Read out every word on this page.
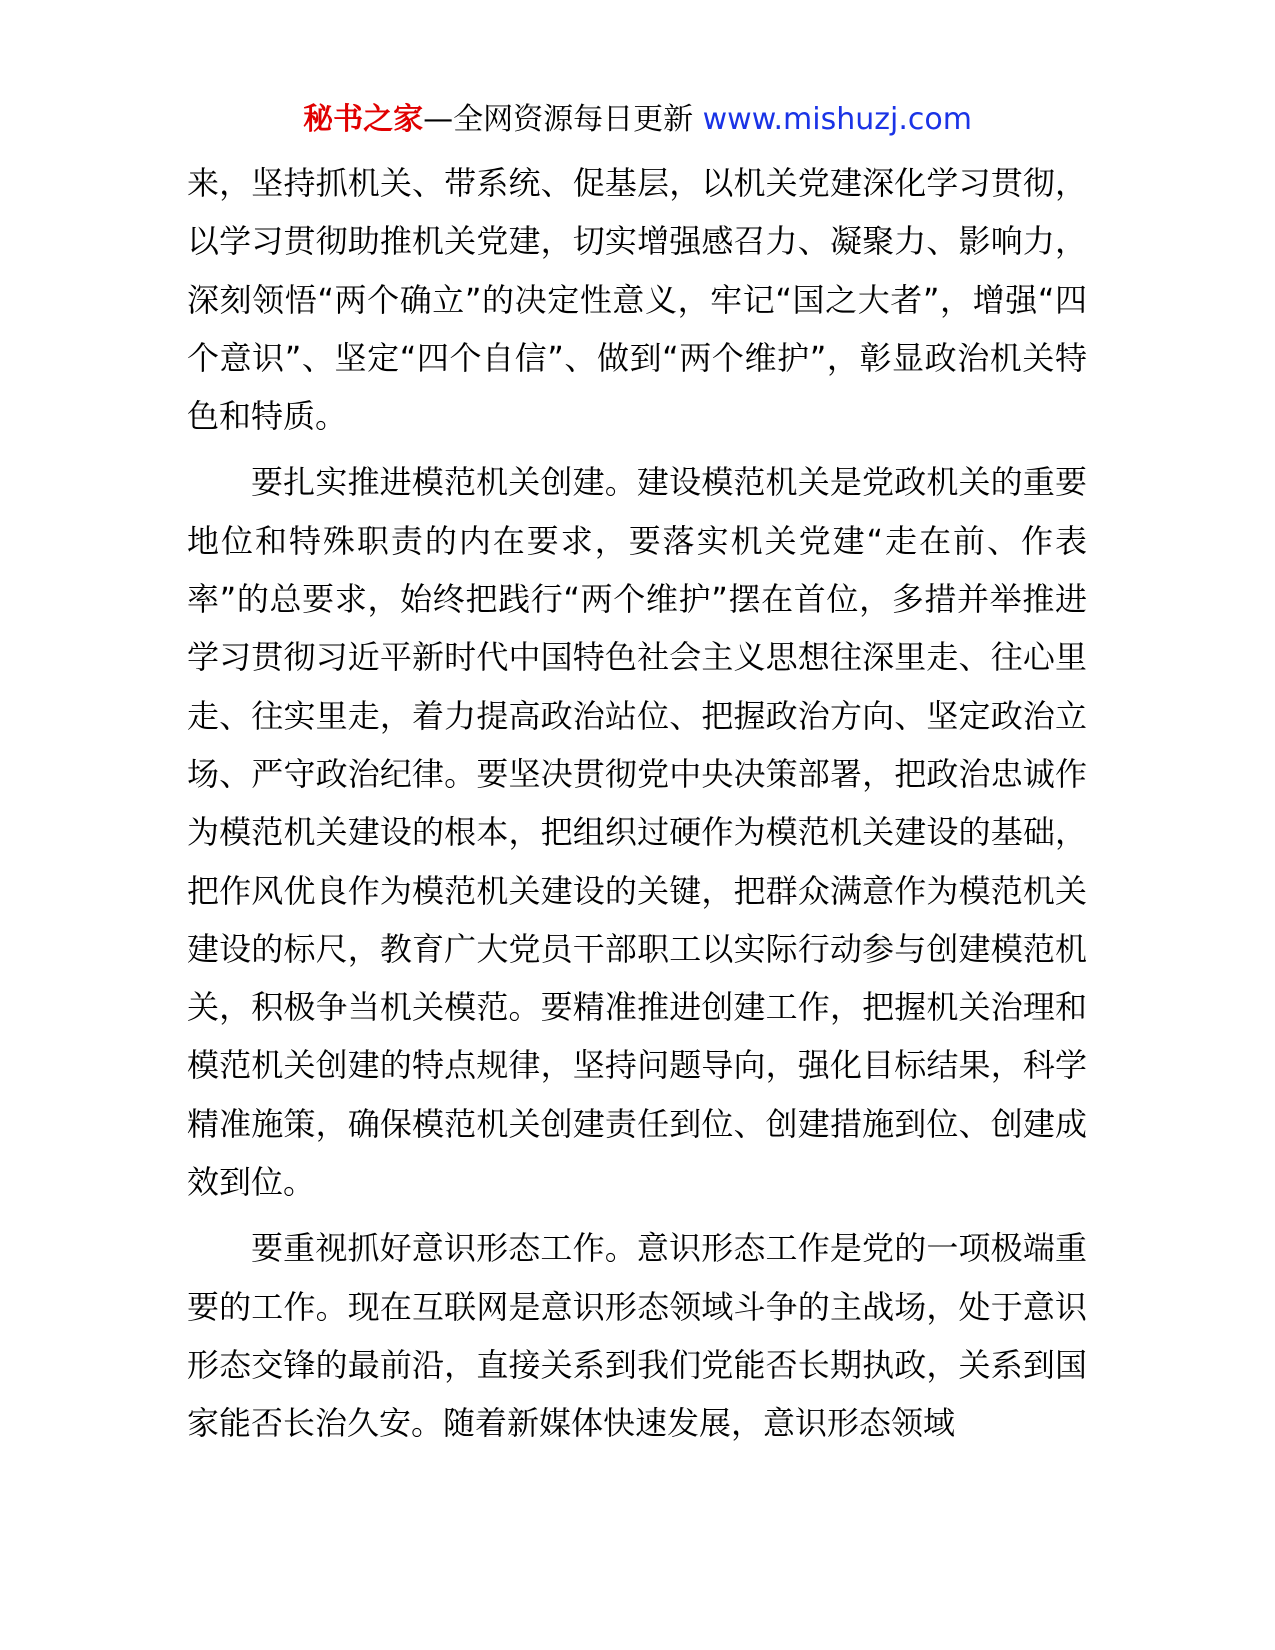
秘书之家—全网资源每日更新 www.mishuzj.com

来，坚持抓机关、带系统、促基层，以机关党建深化学习贯彻，以学习贯彻助推机关党建，切实增强感召力、凝聚力、影响力，深刻领悟“两个确立”的决定性意义，牢记“国之大者”，增强“四个意识”、坚定“四个自信”、做到“两个维护”，彰显政治机关特色和特质。

要扎实推进模范机关创建。建设模范机关是党政机关的重要地位和特殊职责的内在要求，要落实机关党建“走在前、作表率”的总要求，始终把践行“两个维护”摆在首位，多措并举推进学习贯彻习近平新时代中国特色社会主义思想往深里走、往心里走、往实里走，着力提高政治站位、把握政治方向、坚定政治立场、严守政治纪律。要坚决贯彻党中央决策部署，把政治忠诚作为模范机关建设的根本，把组织过硬作为模范机关建设的基础，把作风优良作为模范机关建设的关键，把群众满意作为模范机关建设的标尺，教育广大党员干部职工以实际行动参与创建模范机关，积极争当机关模范。要精准推进创建工作，把握机关治理和模范机关创建的特点规律，坚持问题导向，强化目标结果，科学精准施策，确保模范机关创建责任到位、创建措施到位、创建成效到位。

要重视抓好意识形态工作。意识形态工作是党的一项极端重要的工作。现在互联网是意识形态领域斗争的主战场，处于意识形态交锋的最前沿，直接关系到我们党能否长期执政，关系到国家能否长治久安。随着新媒体快速发展，意识形态领域
